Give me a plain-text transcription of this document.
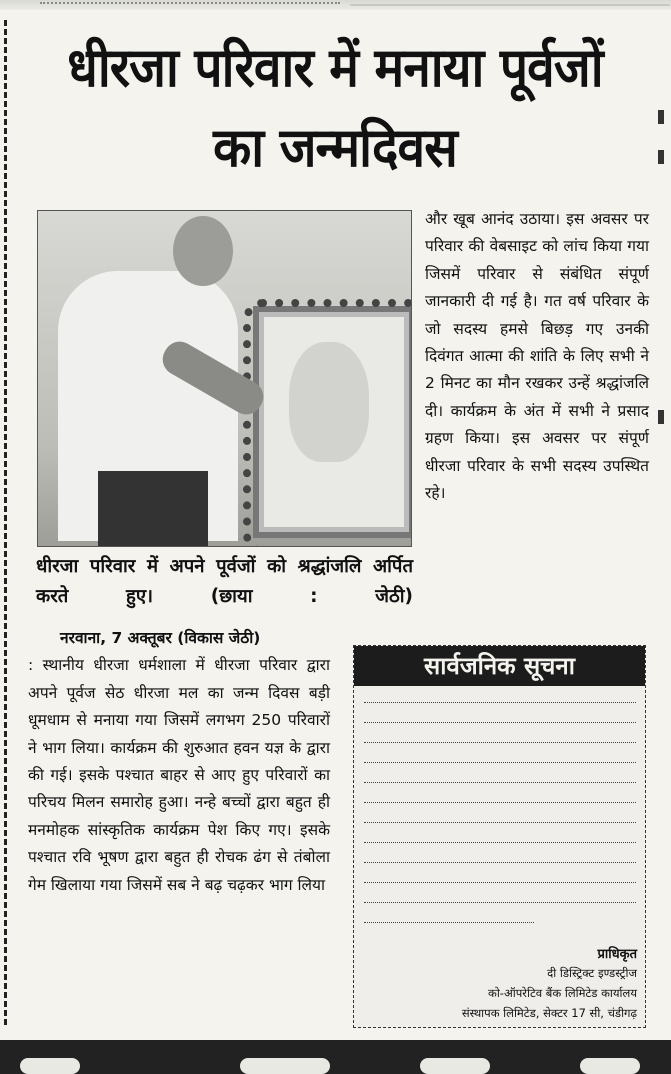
धीरजा परिवार में मनाया पूर्वजों का जन्मदिवस

धीरजा परिवार में अपने पूर्वजों को श्रद्धांजलि अर्पित करते हुए। (छाया : जेठी)

नरवाना, 7 अक्तूबर (विकास जेठी)
: स्थानीय धीरजा धर्मशाला में धीरजा परिवार द्वारा अपने पूर्वज सेठ धीरजा मल का जन्म दिवस बड़ी धूमधाम से मनाया गया जिसमें लगभग 250 परिवारों ने भाग लिया। कार्यक्रम की शुरुआत हवन यज्ञ के द्वारा की गई। इसके पश्चात बाहर से आए हुए परिवारों का परिचय मिलन समारोह हुआ। नन्हे बच्चों द्वारा बहुत ही मनमोहक सांस्कृतिक कार्यक्रम पेश किए गए। इसके पश्चात रवि भूषण द्वारा बहुत ही रोचक ढंग से तंबोला गेम खिलाया गया जिसमें सब ने बढ़ चढ़कर भाग लिया

और खूब आनंद उठाया। इस अवसर पर परिवार की वेबसाइट को लांच किया गया जिसमें परिवार से संबंधित संपूर्ण जानकारी दी गई है। गत वर्ष परिवार के जो सदस्य हमसे बिछड़ गए उनकी दिवंगत आत्मा की शांति के लिए सभी ने 2 मिनट का मौन रखकर उन्हें श्रद्धांजलि दी। कार्यक्रम के अंत में सभी ने प्रसाद ग्रहण किया। इस अवसर पर संपूर्ण धीरजा परिवार के सभी सदस्य उपस्थित रहे।

सार्वजनिक सूचना
प्राधिकृत
दी डिस्ट्रिक्ट इण्डस्ट्रीज
को-ऑपरेटिव बैंक लिमिटेड कार्यालय
संस्थापक लिमिटेड, सेक्टर 17 सी, चंडीगढ़
